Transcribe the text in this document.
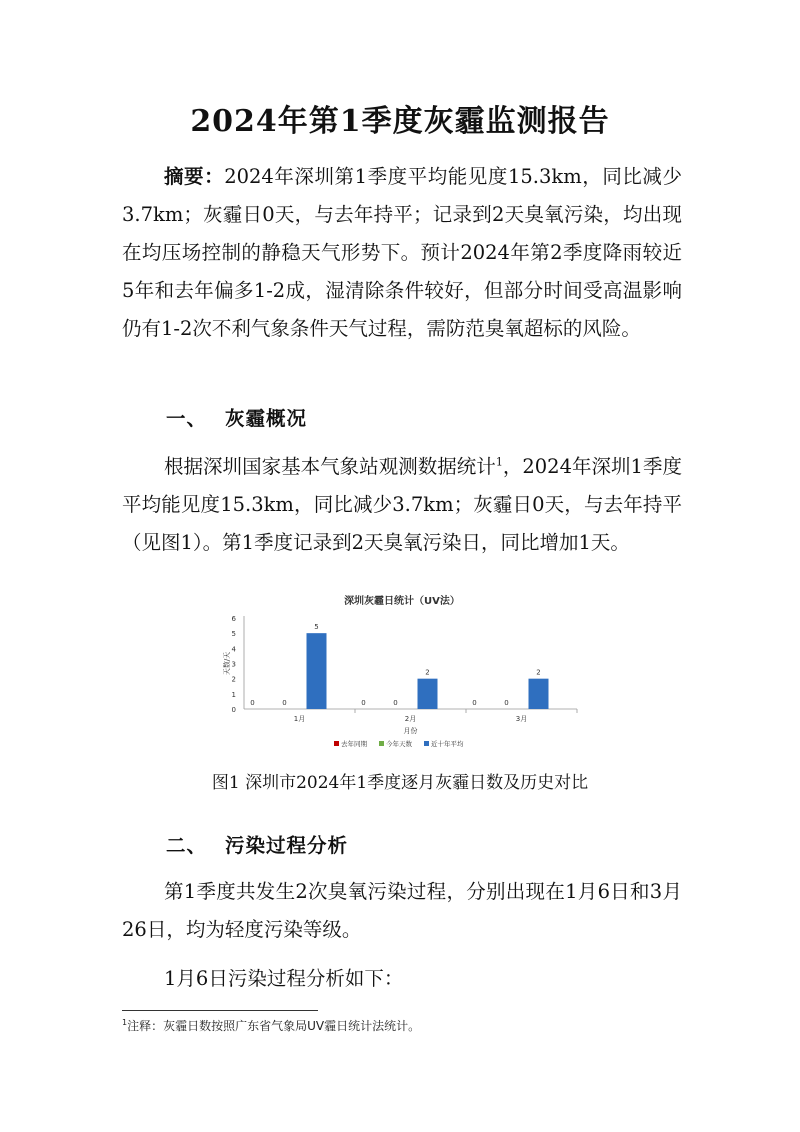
2024年第1季度灰霾监测报告
摘要：2024年深圳第1季度平均能见度15.3km，同比减少3.7km；灰霾日0天，与去年持平；记录到2天臭氧污染，均出现在均压场控制的静稳天气形势下。预计2024年第2季度降雨较近5年和去年偏多1-2成，湿清除条件较好，但部分时间受高温影响仍有1-2次不利气象条件天气过程，需防范臭氧超标的风险。
一、 灰霾概况
根据深圳国家基本气象站观测数据统计$^1$，2024年深圳1季度平均能见度15.3km，同比减少3.7km；灰霾日0天，与去年持平（见图1）。第1季度记录到2天臭氧污染日，同比增加1天。
深圳灰霾日统计（UV法）
0
1
2
3
4
5
6
天数/天
0	0
5
1月
0	0
2
2月
0	0
2
3月
月份
去年同期	今年天数	近十年平均
图1 深圳市2024年1季度逐月灰霾日数及历史对比
二、 污染过程分析
第1季度共发生2次臭氧污染过程，分别出现在1月6日和3月26日，均为轻度污染等级。
1月6日污染过程分析如下：
$^1$注释：灰霾日数按照广东省气象局UV霾日统计法统计。
